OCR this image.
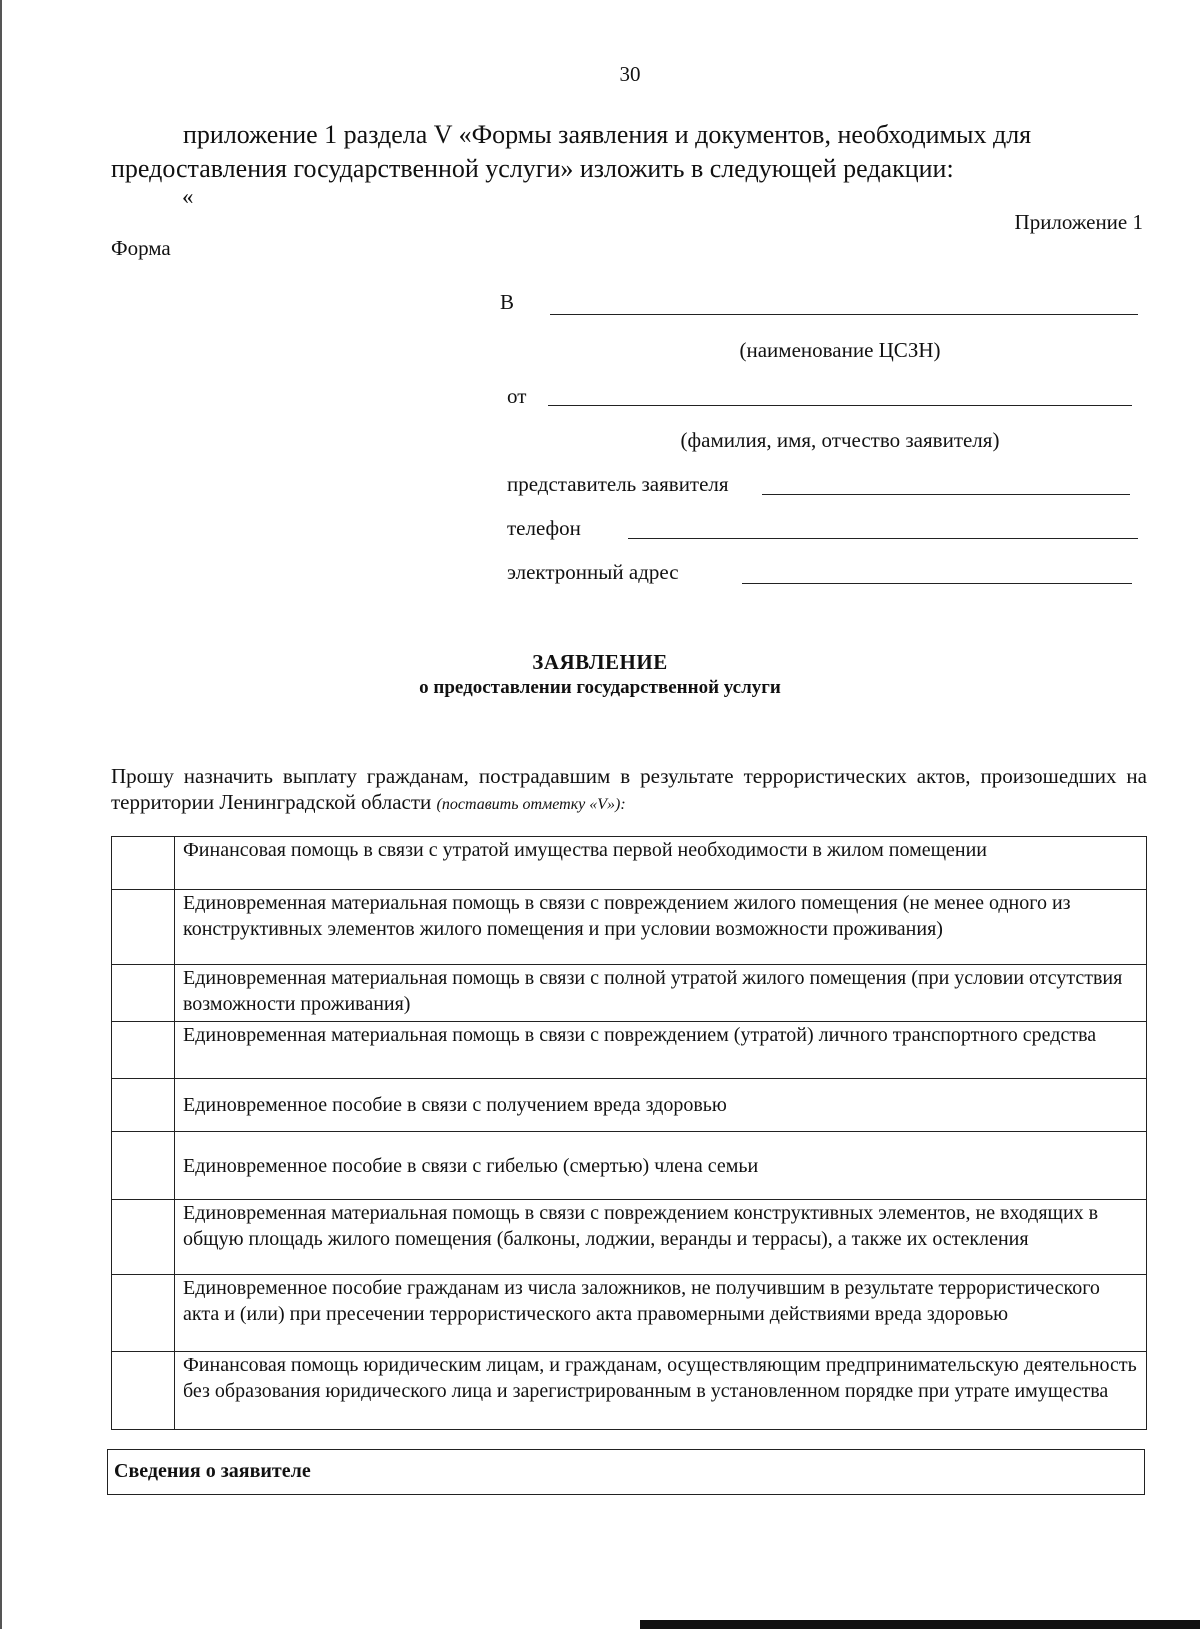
30
приложение 1 раздела V «Формы заявления и документов, необходимых для
предоставления государственной услуги» изложить в следующей редакции:
«
Приложение 1
Форма
В
(наименование ЦСЗН)
от
(фамилия, имя, отчество заявителя)
представитель заявителя
телефон
электронный адрес
ЗАЯВЛЕНИЕ
о предоставлении государственной услуги
Прошу назначить выплату гражданам, пострадавшим в результате террористических актов, произошедших на территории Ленинградской области (поставить отметку «V»):
	Финансовая помощь в связи с утратой имущества первой необходимости в жилом помещении
	Единовременная материальная помощь в связи с повреждением жилого помещения (не менее одного из конструктивных элементов жилого помещения и при условии возможности проживания)
	Единовременная материальная помощь в связи с полной утратой жилого помещения (при условии отсутствия возможности проживания)
	Единовременная материальная помощь в связи с повреждением (утратой) личного транспортного средства
	Единовременное пособие в связи с получением вреда здоровью
	Единовременное пособие в связи с гибелью (смертью) члена семьи
	Единовременная материальная помощь в связи с повреждением конструктивных элементов, не входящих в общую площадь жилого помещения (балконы, лоджии, веранды и террасы), а также их остекления
	Единовременное пособие гражданам из числа заложников, не получившим в результате террористического акта и (или) при пресечении террористического акта правомерными действиями вреда здоровью
	Финансовая помощь юридическим лицам, и гражданам, осуществляющим предпринимательскую деятельность без образования юридического лица и зарегистрированным в установленном порядке при утрате имущества
Сведения о заявителе
